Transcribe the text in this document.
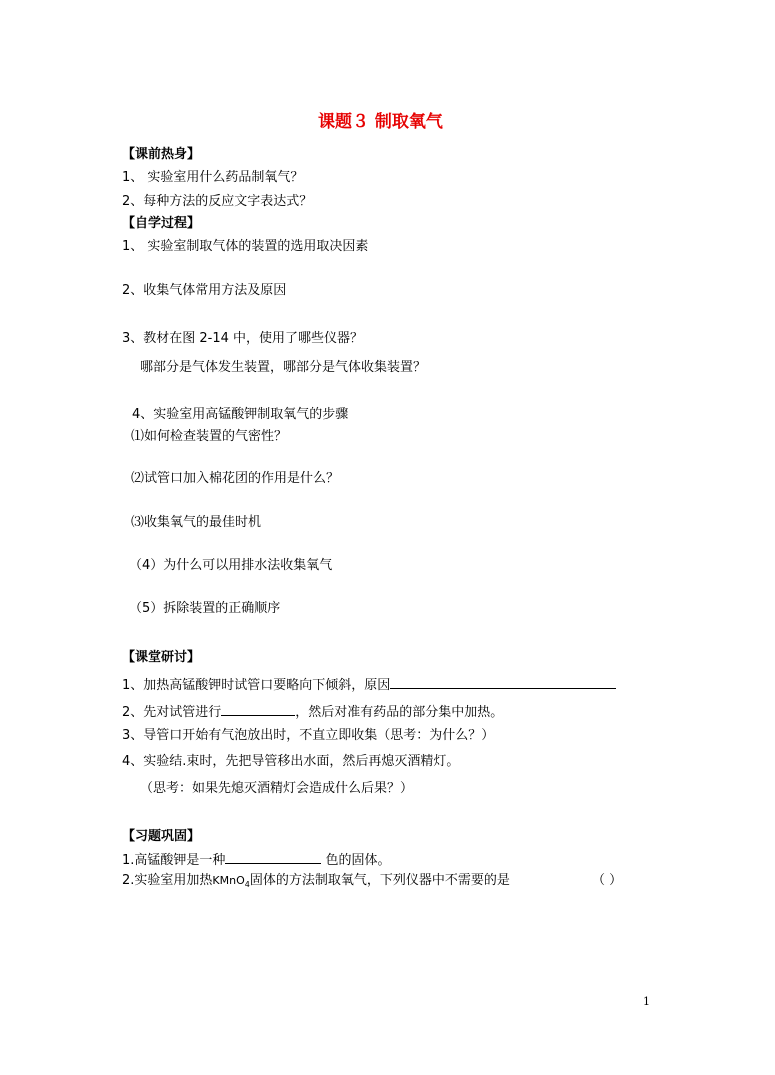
课题３ 制取氧气
【课前热身】
1、 实验室用什么药品制氧气？
2、每种方法的反应文字表达式？
【自学过程】
1、 实验室制取气体的装置的选用取决因素
2、收集气体常用方法及原因
3、教材在图 2-14 中，使用了哪些仪器？
哪部分是气体发生装置，哪部分是气体收集装置？
4、实验室用高锰酸钾制取氧气的步骤
⑴如何检查装置的气密性？
⑵试管口加入棉花团的作用是什么？
⑶收集氧气的最佳时机
（4）为什么可以用排水法收集氧气
（5）拆除装置的正确顺序
【课堂研讨】
1、加热高锰酸钾时试管口要略向下倾斜，原因
2、先对试管进行	，然后对准有药品的部分集中加热。
3、导管口开始有气泡放出时，不直立即收集（思考：为什么？）
4、实验结.束时，先把导管移出水面，然后再熄灭酒精灯。
（思考：如果先熄灭酒精灯会造成什么后果？）
【习题巩固】
1.高锰酸钾是一种	色的固体。
2.实验室用加热KMnO$_4$固体的方法制取氧气，下列仪器中不需要的是	（ ）
1
